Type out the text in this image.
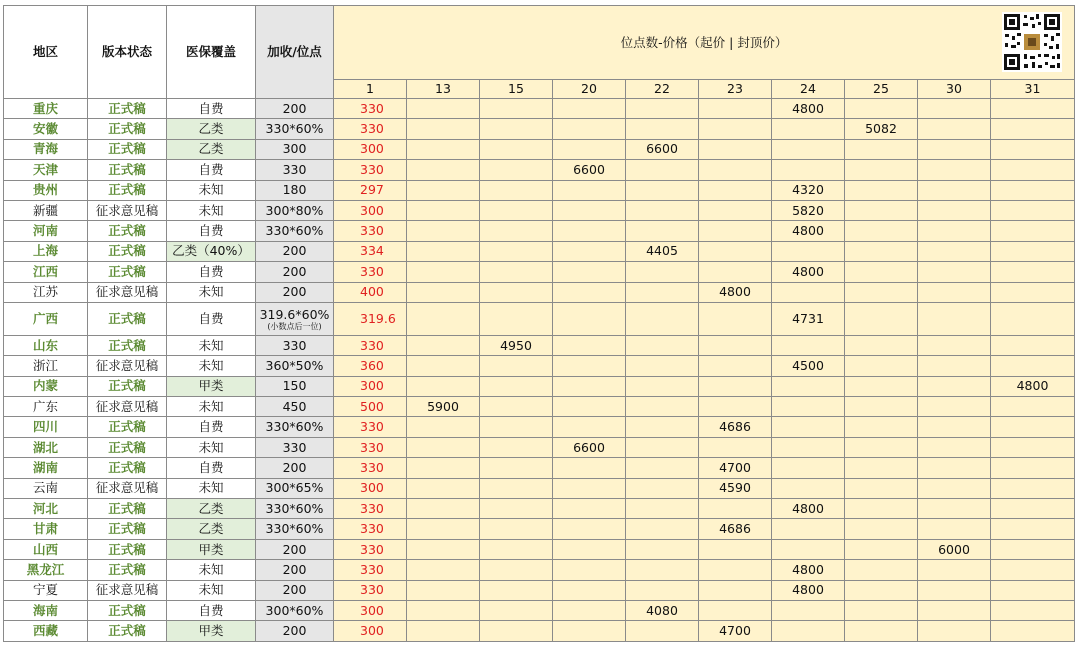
地区	版本状态	医保覆盖	加收/位点	位点数-价格（起价 | 封顶价）									

				1	13	15	20	22	23	24	25	30	31
重庆	正式稿	自费	200	330						4800			
安徽	正式稿	乙类	330*60%	330							5082		
青海	正式稿	乙类	300	300				6600					
天津	正式稿	自费	330	330			6600						
贵州	正式稿	未知	180	297						4320			
新疆	征求意见稿	未知	300*80%	300						5820			
河南	正式稿	自费	330*60%	330						4800			
上海	正式稿	乙类（40%）	200	334				4405					
江西	正式稿	自费	200	330						4800			
江苏	征求意见稿	未知	200	400					4800				
广西	正式稿	自费	319.6*60%
(小数点后一位)	319.6						4731			
山东	正式稿	未知	330	330		4950							
浙江	征求意见稿	未知	360*50%	360						4500			
内蒙	正式稿	甲类	150	300									4800
广东	征求意见稿	未知	450	500	5900								
四川	正式稿	自费	330*60%	330					4686				
湖北	正式稿	未知	330	330			6600						
湖南	正式稿	自费	200	330					4700				
云南	征求意见稿	未知	300*65%	300					4590				
河北	正式稿	乙类	330*60%	330						4800			
甘肃	正式稿	乙类	330*60%	330					4686				
山西	正式稿	甲类	200	330								6000	
黑龙江	正式稿	未知	200	330						4800			
宁夏	征求意见稿	未知	200	330						4800			
海南	正式稿	自费	300*60%	300				4080					
西藏	正式稿	甲类	200	300					4700				
